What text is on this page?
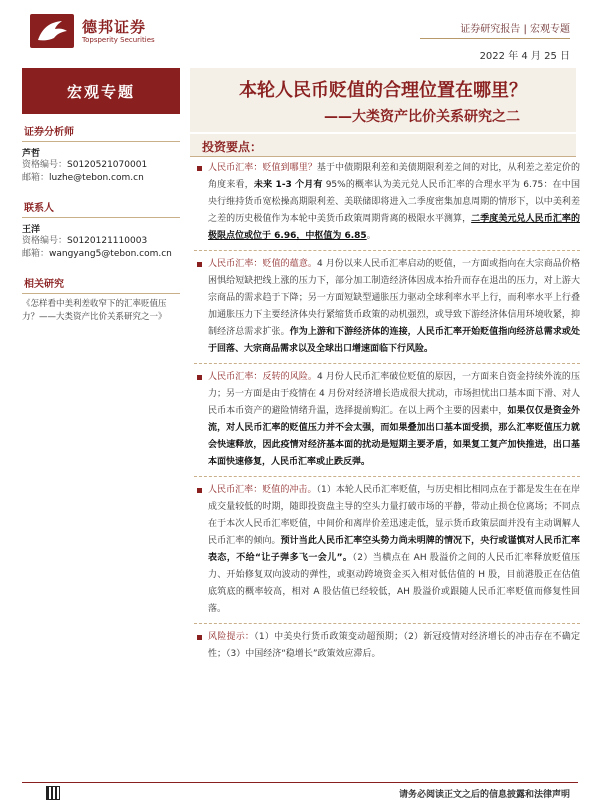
德邦证券
Topsperity Securities
证券研究报告 | 宏观专题
2022 年 4 月 25 日
宏观专题	本轮人民币贬值的合理位置在哪里？
——大类资产比价关系研究之二
证券分析师
芦哲
资格编号：S0120521070001
邮箱：luzhe@tebon.com.cn
联系人
王洋
资格编号：S0120121110003
邮箱：wangyang5@tebon.com.cn
相关研究
《怎样看中美利差收窄下的汇率贬值压力？——大类资产比价关系研究之一》
投资要点：
人民币汇率：贬值到哪里？基于中债期限利差和美债期限利差之间的对比，从利差之差定价的角度来看，未来 1-3 个月有 95%的概率认为美元兑人民币汇率的合理水平为 6.75：在中国央行维持货币宽松操高期限利差、美联储即将进入二季度密集加息周期的情形下，以中美利差之差的历史极值作为本轮中美货币政策周期背离的极限水平测算，二季度美元兑人民币汇率的极限点位或位于 6.96，中枢值为 6.85。
人民币汇率：贬值的蕴意。4 月份以来人民币汇率启动的贬值，一方面或指向在大宗商品价格困惧给短缺把线上涨的压力下，部分加工制造经济体因成本抬升而存在退出的压力，对上游大宗商品的需求趋于下降；另一方面短缺型通胀压力驱动全球利率水平上行，而利率水平上行叠加通胀压力下主要经济体央行紧缩货币政策的动机强烈，或导致下游经济体信用环境收紧，抑制经济总需求扩张。作为上游和下游经济体的连接，人民币汇率开始贬值指向经济总需求或处于回落、大宗商品需求以及全球出口增速面临下行风险。
人民币汇率：反转的风险。4 月份人民币汇率破位贬值的原因，一方面来自资金持续外流的压力；另一方面是由于疫情在 4 月份对经济增长造成很大扰动，市场担忧出口基本面下滑、对人民币本币资产的避险情绪升温，选择提前购汇。在以上两个主要的因素中，如果仅仅是资金外流，对人民币汇率的贬值压力并不会太强，而如果叠加出口基本面受损，那么汇率贬值压力就会快速释放，因此疫情对经济基本面的扰动是短期主要矛盾，如果复工复产加快推进，出口基本面快速修复，人民币汇率或止跌反弹。
人民币汇率：贬值的冲击。（1）本轮人民币汇率贬值，与历史相比相同点在于都是发生在在岸成交量较低的时期，随即投资盘主导的空头力量打破市场的平静，带动止损仓位离场；不同点在于本次人民币汇率贬值，中间价和离岸价差迅速走低，显示货币政策层面并没有主动调解人民币汇率的倾向。预计当此人民币汇率空头势力尚未明牌的情况下，央行或谨慎对人民币汇率表态，不给“让子弹多飞一会儿”。（2）当横点在 AH 股溢价之间的人民币汇率释放贬值压力、开始修复双向波动的弹性，或驱动跨境资金买入相对低估值的 H 股，目前港股正在估值底筑底的概率较高，相对 A 股估值已经较低，AH 股溢价或跟随人民币汇率贬值而修复性回落。
风险提示：（1）中美央行货币政策变动超预期；（2）新冠疫情对经济增长的冲击存在不确定性；（3）中国经济“稳增长”政策效应滞后。
请务必阅读正文之后的信息披露和法律声明
